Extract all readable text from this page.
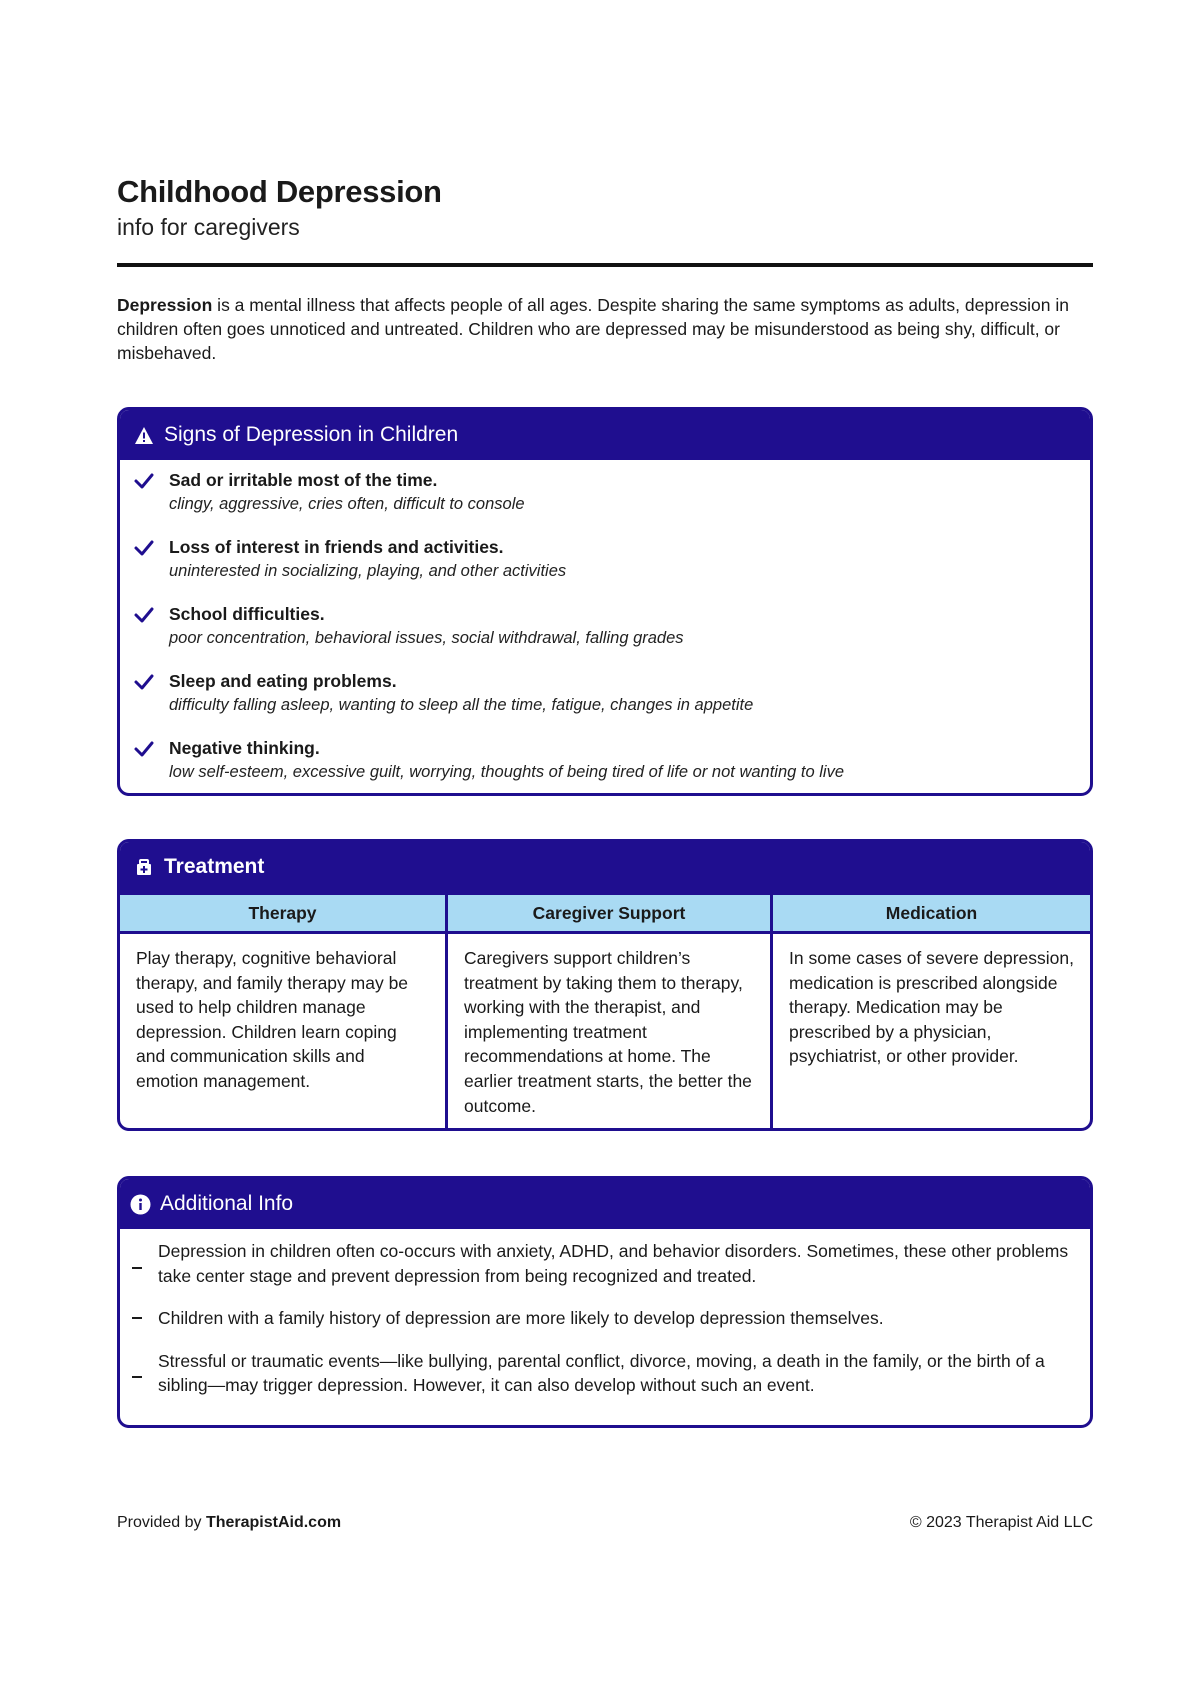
Childhood Depression

info for caregivers

Depression is a mental illness that affects people of all ages. Despite sharing the same symptoms as adults, depression in children often goes unnoticed and untreated. Children who are depressed may be misunderstood as being shy, difficult, or misbehaved.
Signs of Depression in Children
Sad or irritable most of the time.
clingy, aggressive, cries often, difficult to console
Loss of interest in friends and activities.
uninterested in socializing, playing, and other activities
School difficulties.
poor concentration, behavioral issues, social withdrawal, falling grades
Sleep and eating problems.
difficulty falling asleep, wanting to sleep all the time, fatigue, changes in appetite
Negative thinking.
low self-esteem, excessive guilt, worrying, thoughts of being tired of life or not wanting to live
Treatment
Therapy
Play therapy, cognitive behavioral therapy, and family therapy may be used to help children manage depression. Children learn coping and communication skills and emotion management.
Caregiver Support
Caregivers support children’s treatment by taking them to therapy, working with the therapist, and implementing treatment recommendations at home. The earlier treatment starts, the better the outcome.
Medication
In some cases of severe depression, medication is prescribed alongside therapy. Medication may be prescribed by a physician, psychiatrist, or other provider.
Additional Info
Depression in children often co-occurs with anxiety, ADHD, and behavior disorders. Sometimes, these other problems take center stage and prevent depression from being recognized and treated.
Children with a family history of depression are more likely to develop depression themselves.
Stressful or traumatic events—like bullying, parental conflict, divorce, moving, a death in the family, or the birth of a sibling—may trigger depression. However, it can also develop without such an event.
Provided by TherapistAid.com	© 2023 Therapist Aid LLC
